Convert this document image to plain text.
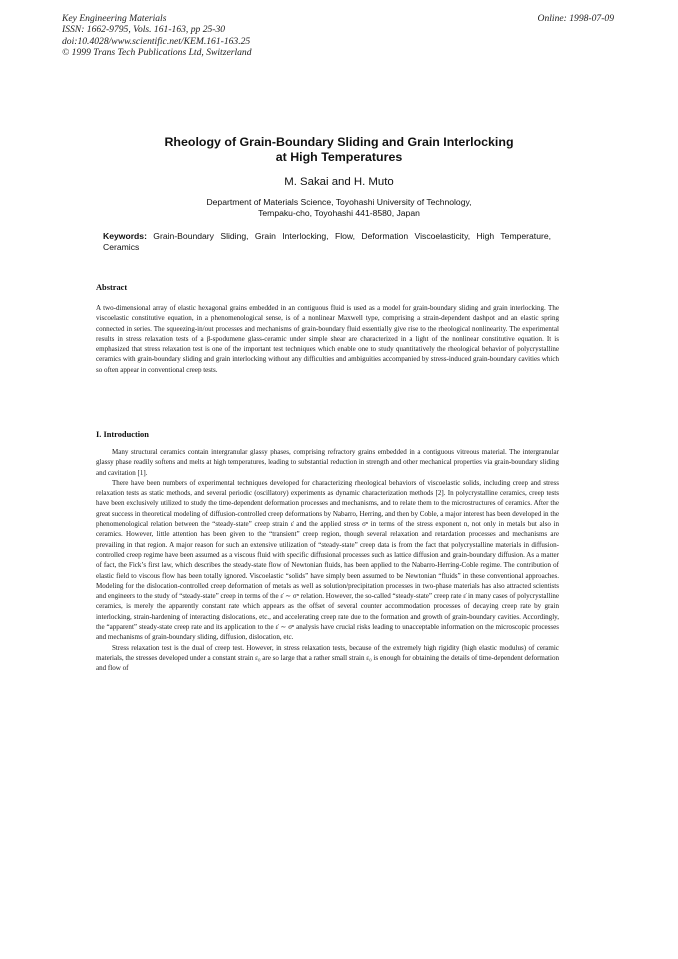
Key Engineering Materials
ISSN: 1662-9795, Vols. 161-163, pp 25-30
doi:10.4028/www.scientific.net/KEM.161-163.25
© 1999 Trans Tech Publications Ltd, Switzerland
Online: 1998-07-09
Rheology of Grain-Boundary Sliding and Grain Interlocking
at High Temperatures
M. Sakai and H. Muto
Department of Materials Science, Toyohashi University of Technology,
Tempaku-cho, Toyohashi 441-8580, Japan
Keywords: Grain-Boundary Sliding, Grain Interlocking, Flow, Deformation Viscoelasticity, High Temperature, Ceramics
Abstract

A two-dimensional array of elastic hexagonal grains embedded in an contiguous fluid is used as a model for grain-boundary sliding and grain interlocking. The viscoelastic constitutive equation, in a phenomenological sense, is of a nonlinear Maxwell type, comprising a strain-dependent dashpot and an elastic spring connected in series. The squeezing-in/out processes and mechanisms of grain-boundary fluid essentially give rise to the rheological nonlinearity. The experimental results in stress relaxation tests of a β-spodumene glass-ceramic under simple shear are characterized in a light of the nonlinear constitutive equation. It is emphasized that stress relaxation test is one of the important test techniques which enable one to study quantitatively the rheological behavior of polycrystalline ceramics with grain-boundary sliding and grain interlocking without any difficulties and ambiguities accompanied by stress-induced grain-boundary cavities which so often appear in conventional creep tests.

I. Introduction

Many structural ceramics contain intergranular glassy phases, comprising refractory grains embedded in a contiguous vitreous material. The intergranular glassy phase readily softens and melts at high temperatures, leading to substantial reduction in strength and other mechanical properties via grain-boundary sliding and cavitation [1].

There have been numbers of experimental techniques developed for characterizing rheological behaviors of viscoelastic solids, including creep and stress relaxation tests as static methods, and several periodic (oscillatory) experiments as dynamic characterization methods [2]. In polycrystalline ceramics, creep tests have been exclusively utilized to study the time-dependent deformation processes and mechanisms, and to relate them to the microstructures of ceramics. After the great success in theoretical modeling of diffusion-controlled creep deformations by Nabarro, Herring, and then by Coble, a major interest has been developed in the phenomenological relation between the “steady-state” creep strain ε̇ and the applied stress σⁿ in terms of the stress exponent n, not only in metals but also in ceramics. However, little attention has been given to the “transient” creep region, though several relaxation and retardation processes and mechanisms are prevailing in that region. A major reason for such an extensive utilization of “steady-state” creep data is from the fact that polycrystalline materials in diffusion-controlled creep regime have been assumed as a viscous fluid with specific diffusional processes such as lattice diffusion and grain-boundary diffusion. As a matter of fact, the Fick’s first law, which describes the steady-state flow of Newtonian fluids, has been applied to the Nabarro-Herring-Coble regime. The contribution of elastic field to viscous flow has been totally ignored. Viscoelastic “solids” have simply been assumed to be Newtonian “fluids” in these conventional approaches. Modeling for the dislocation-controlled creep deformation of metals as well as solution/precipitation processes in two-phase materials has also attracted scientists and engineers to the study of “steady-state” creep in terms of the ε̇ ∼ σⁿ relation. However, the so-called “steady-state” creep rate ε̇ in many cases of polycrystalline ceramics, is merely the apparently constant rate which appears as the offset of several counter accommodation processes of decaying creep rate by grain interlocking, strain-hardening of interacting dislocations, etc., and accelerating creep rate due to the formation and growth of grain-boundary cavities. Accordingly, the “apparent” steady-state creep rate and its application to the ε̇ ∼ σⁿ analysis have crucial risks leading to unacceptable information on the microscopic processes and mechanisms of grain-boundary sliding, diffusion, dislocation, etc.

Stress relaxation test is the dual of creep test. However, in stress relaxation tests, because of the extremely high rigidity (high elastic modulus) of ceramic materials, the stresses developed under a constant strain ε₀ are so large that a rather small strain ε₀ is enough for obtaining the details of time-dependent deformation and flow of
